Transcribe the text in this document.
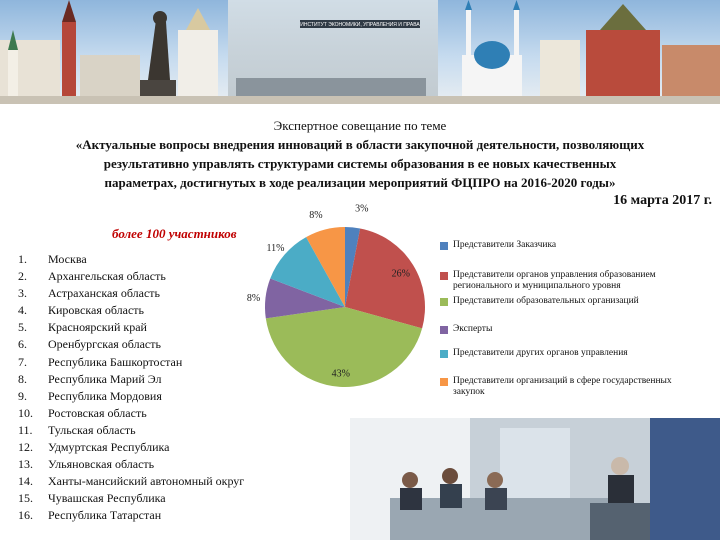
ИНСТИТУТ ЭКОНОМИКИ, УПРАВЛЕНИЯ И ПРАВА
Экспертное совещание по теме
«Актуальные вопросы внедрения инноваций в области закупочной деятельности, позволяющих
результативно управлять структурами системы образования в ее новых качественных
параметрах, достигнутых в ходе реализации мероприятий ФЦПРО на 2016-2020 годы»
16 марта 2017 г.
более 100 участников
1. Москва
2. Архангельская область
3. Астраханская область
4. Кировская область
5. Красноярский край
6. Оренбургская область
7. Республика Башкортостан
8. Республика Марий Эл
9. Республика Мордовия
10. Ростовская область
11. Тульская область
12. Удмуртская Республика
13. Ульяновская область
14. Ханты-мансийский автономный округ
15. Чувашская Республика
16. Республика Татарстан
3%
26%
43%
8%
11%
8%
Представители Заказчика
Представители органов управления образованием регионального и муниципального уровня
Представители образовательных организаций
Эксперты
Представители других органов управления
Представители организаций в сфере государственных закупок
